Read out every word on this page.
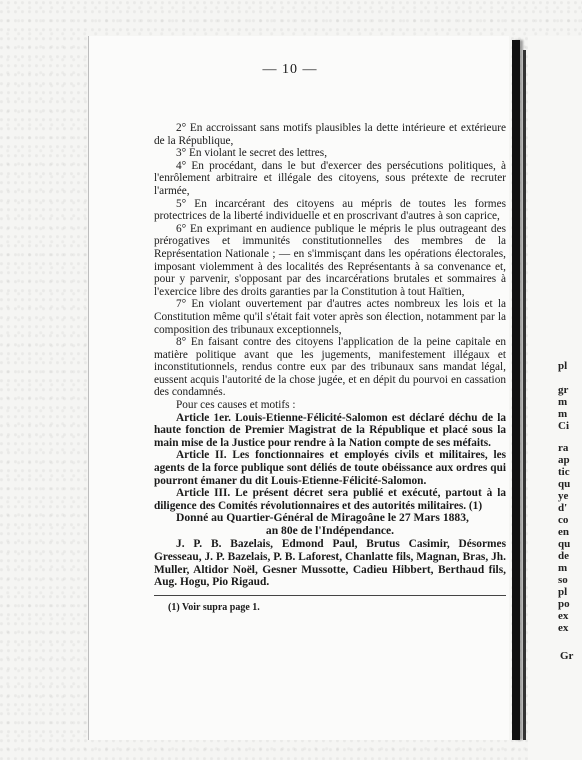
— 10 —

2° En accroissant sans motifs plausibles la dette intérieure et extérieure de la République,

3° En violant le secret des lettres,

4° En procédant, dans le but d'exercer des persécutions politiques, à l'enrôlement arbitraire et illégale des citoyens, sous prétexte de recruter l'armée,

5° En incarcérant des citoyens au mépris de toutes les formes protectrices de la liberté individuelle et en proscrivant d'autres à son caprice,

6° En exprimant en audience publique le mépris le plus outrageant des prérogatives et immunités constitutionnelles des membres de la Représentation Nationale ; — en s'immisçant dans les opérations électorales, imposant violemment à des localités des Représentants à sa convenance et, pour y parvenir, s'opposant par des incarcérations brutales et sommaires à l'exercice libre des droits garanties par la Constitution à tout Haïtien,

7° En violant ouvertement par d'autres actes nombreux les lois et la Constitution même qu'il s'était fait voter après son élection, notamment par la composition des tribunaux exceptionnels,

8° En faisant contre des citoyens l'application de la peine capitale en matière politique avant que les jugements, manifestement illégaux et inconstitutionnels, rendus contre eux par des tribunaux sans mandat légal, eussent acquis l'autorité de la chose jugée, et en dépit du pourvoi en cassation des condamnés.

Pour ces causes et motifs :

Article 1er. Louis-Etienne-Félicité-Salomon est déclaré déchu de la haute fonction de Premier Magistrat de la République et placé sous la main mise de la Justice pour rendre à la Nation compte de ses méfaits.

Article II. Les fonctionnaires et employés civils et militaires, les agents de la force publique sont déliés de toute obéissance aux ordres qui pourront émaner du dit Louis-Etienne-Félicité-Salomon.

Article III. Le présent décret sera publié et exécuté, partout à la diligence des Comités révolutionnaires et des autorités militaires. (1)

Donné au Quartier-Général de Miragoâne le 27 Mars 1883,
an 80e de l'Indépendance.

J. P. B. Bazelais, Edmond Paul, Brutus Casimir, Désormes Gresseau, J. P. Bazelais, P. B. Laforest, Chanlatte fils, Magnan, Bras, Jh. Muller, Altidor Noël, Gesner Mussotte, Cadieu Hibbert, Berthaud fils, Aug. Hogu, Pio Rigaud.

(1) Voir supra page 1.

pl
gr
m
m
Ci
ra
ap
tic
qu
ye
d'
co
en
qu
de
m
so
pl
po
ex
ex
Gr
